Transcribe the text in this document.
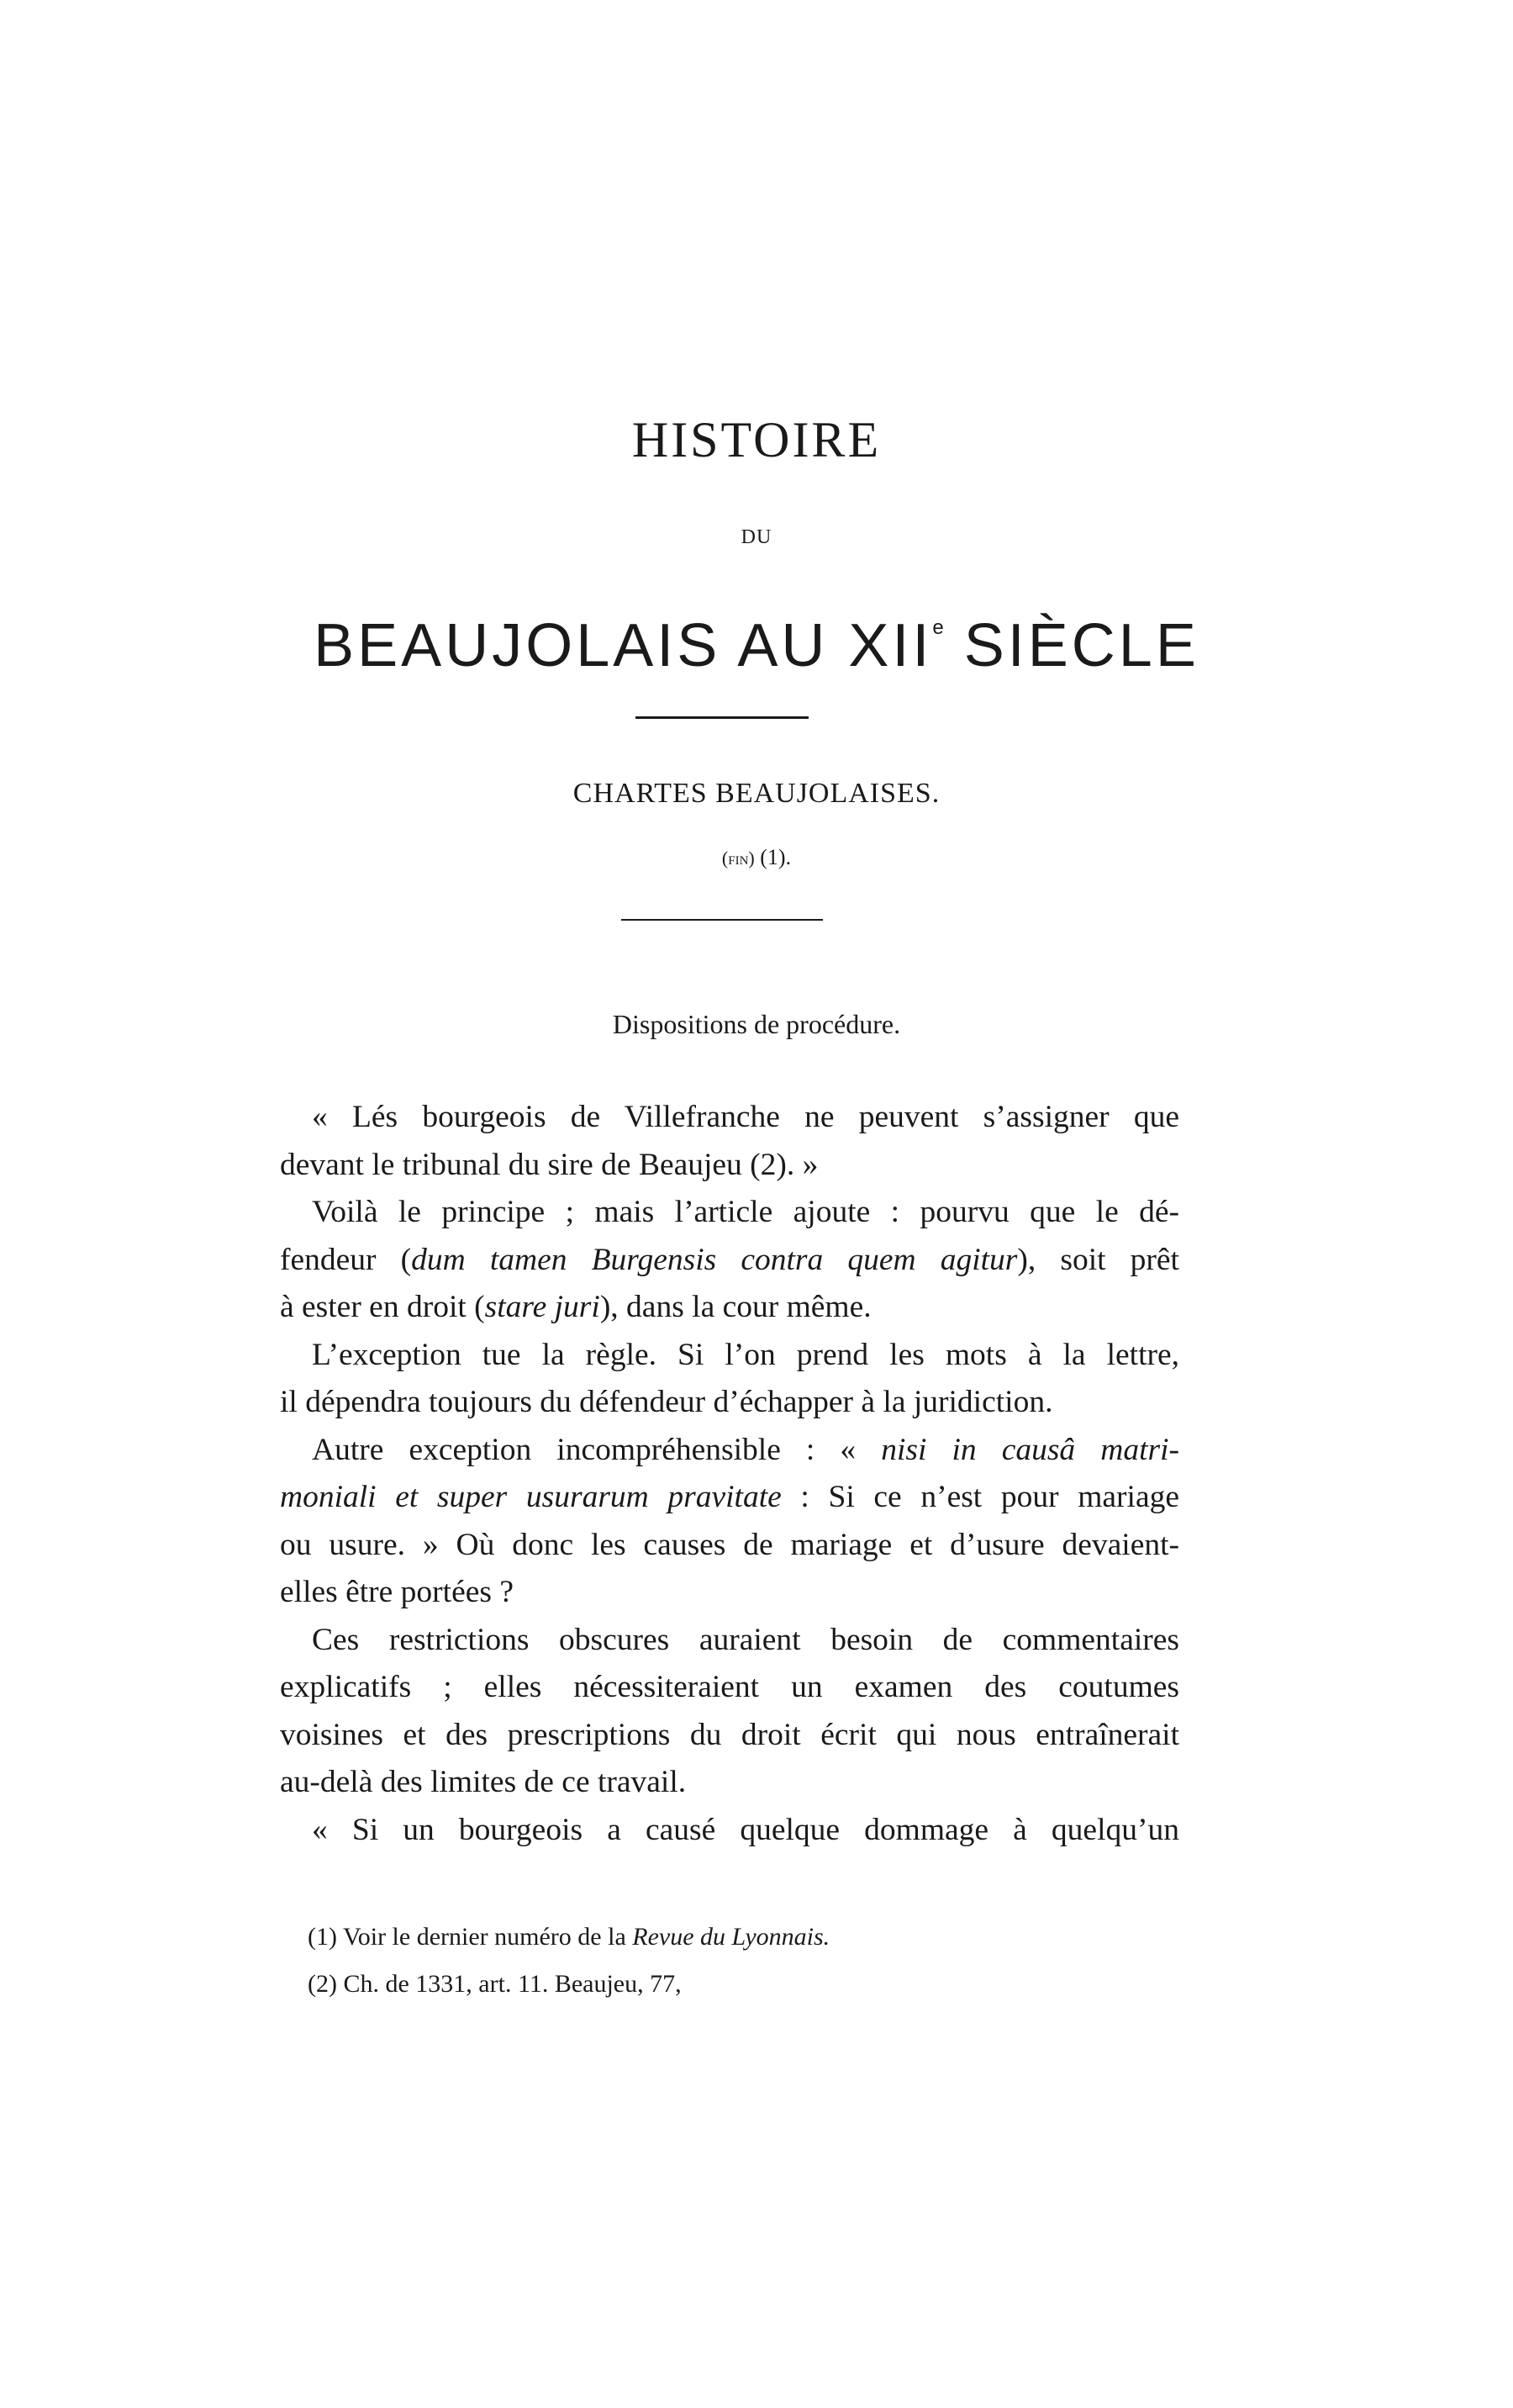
HISTOIRE
DU
BEAUJOLAIS AU XIIe SIÈCLE
CHARTES BEAUJOLAISES.
(fin) (1).
Dispositions de procédure.
« Lés bourgeois de Villefranche ne peuvent s’assigner que
devant le tribunal du sire de Beaujeu (2). »
Voilà le principe ; mais l’article ajoute : pourvu que le dé-
fendeur (dum tamen Burgensis contra quem agitur), soit prêt
à ester en droit (stare juri), dans la cour même.
L’exception tue la règle. Si l’on prend les mots à la lettre,
il dépendra toujours du défendeur d’échapper à la juridiction.
Autre exception incompréhensible : « nisi in causâ matri-
moniali et super usurarum pravitate : Si ce n’est pour mariage
ou usure. » Où donc les causes de mariage et d’usure devaient-
elles être portées ?
Ces restrictions obscures auraient besoin de commentaires
explicatifs ; elles nécessiteraient un examen des coutumes
voisines et des prescriptions du droit écrit qui nous entraînerait
au-delà des limites de ce travail.
« Si un bourgeois a causé quelque dommage à quelqu’un
(1) Voir le dernier numéro de la Revue du Lyonnais.
(2) Ch. de 1331, art. 11. Beaujeu, 77,
